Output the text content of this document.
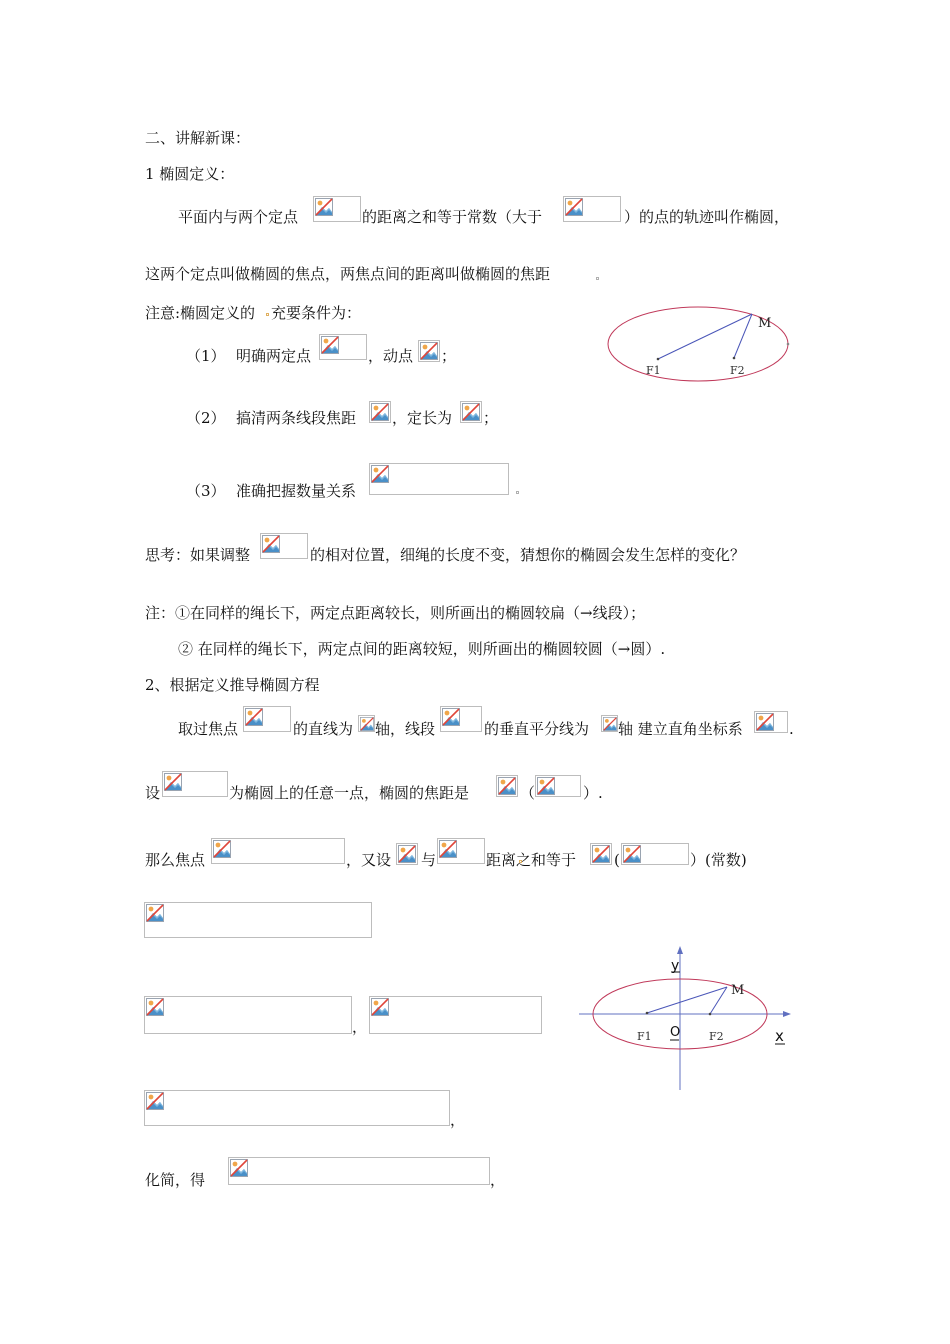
二、讲解新课：
1 椭圆定义：
平面内与两个定点	的距离之和等于常数（大于	）的点的轨迹叫作椭圆，
这两个定点叫做椭圆的焦点，两焦点间的距离叫做椭圆的焦距
注意:椭圆定义的 充要条件为：
（1） 明确两定点	，动点 ；
M
F1	F2
（2） 搞清两条线段焦距 ，定长为 ；
（3） 准确把握数量关系
思考：如果调整	的相对位置，细绳的长度不变，猜想你的椭圆会发生怎样的变化？
注：①在同样的绳长下，两定点距离较长，则所画出的椭圆较扁（→线段）；
② 在同样的绳长下，两定点间的距离较短，则所画出的椭圆较圆（→圆）.
2、根据定义推导椭圆方程
取过焦点	的直线为 轴，线段	的垂直平分线为 轴 建立直角坐标系	.
设	为椭圆上的任意一点，椭圆的焦距是	（	）.
那么焦点	，又设 与	距离之和等于	(	）(常数)
，
y
M
F1	F2
O	x
，
化简，得	，
